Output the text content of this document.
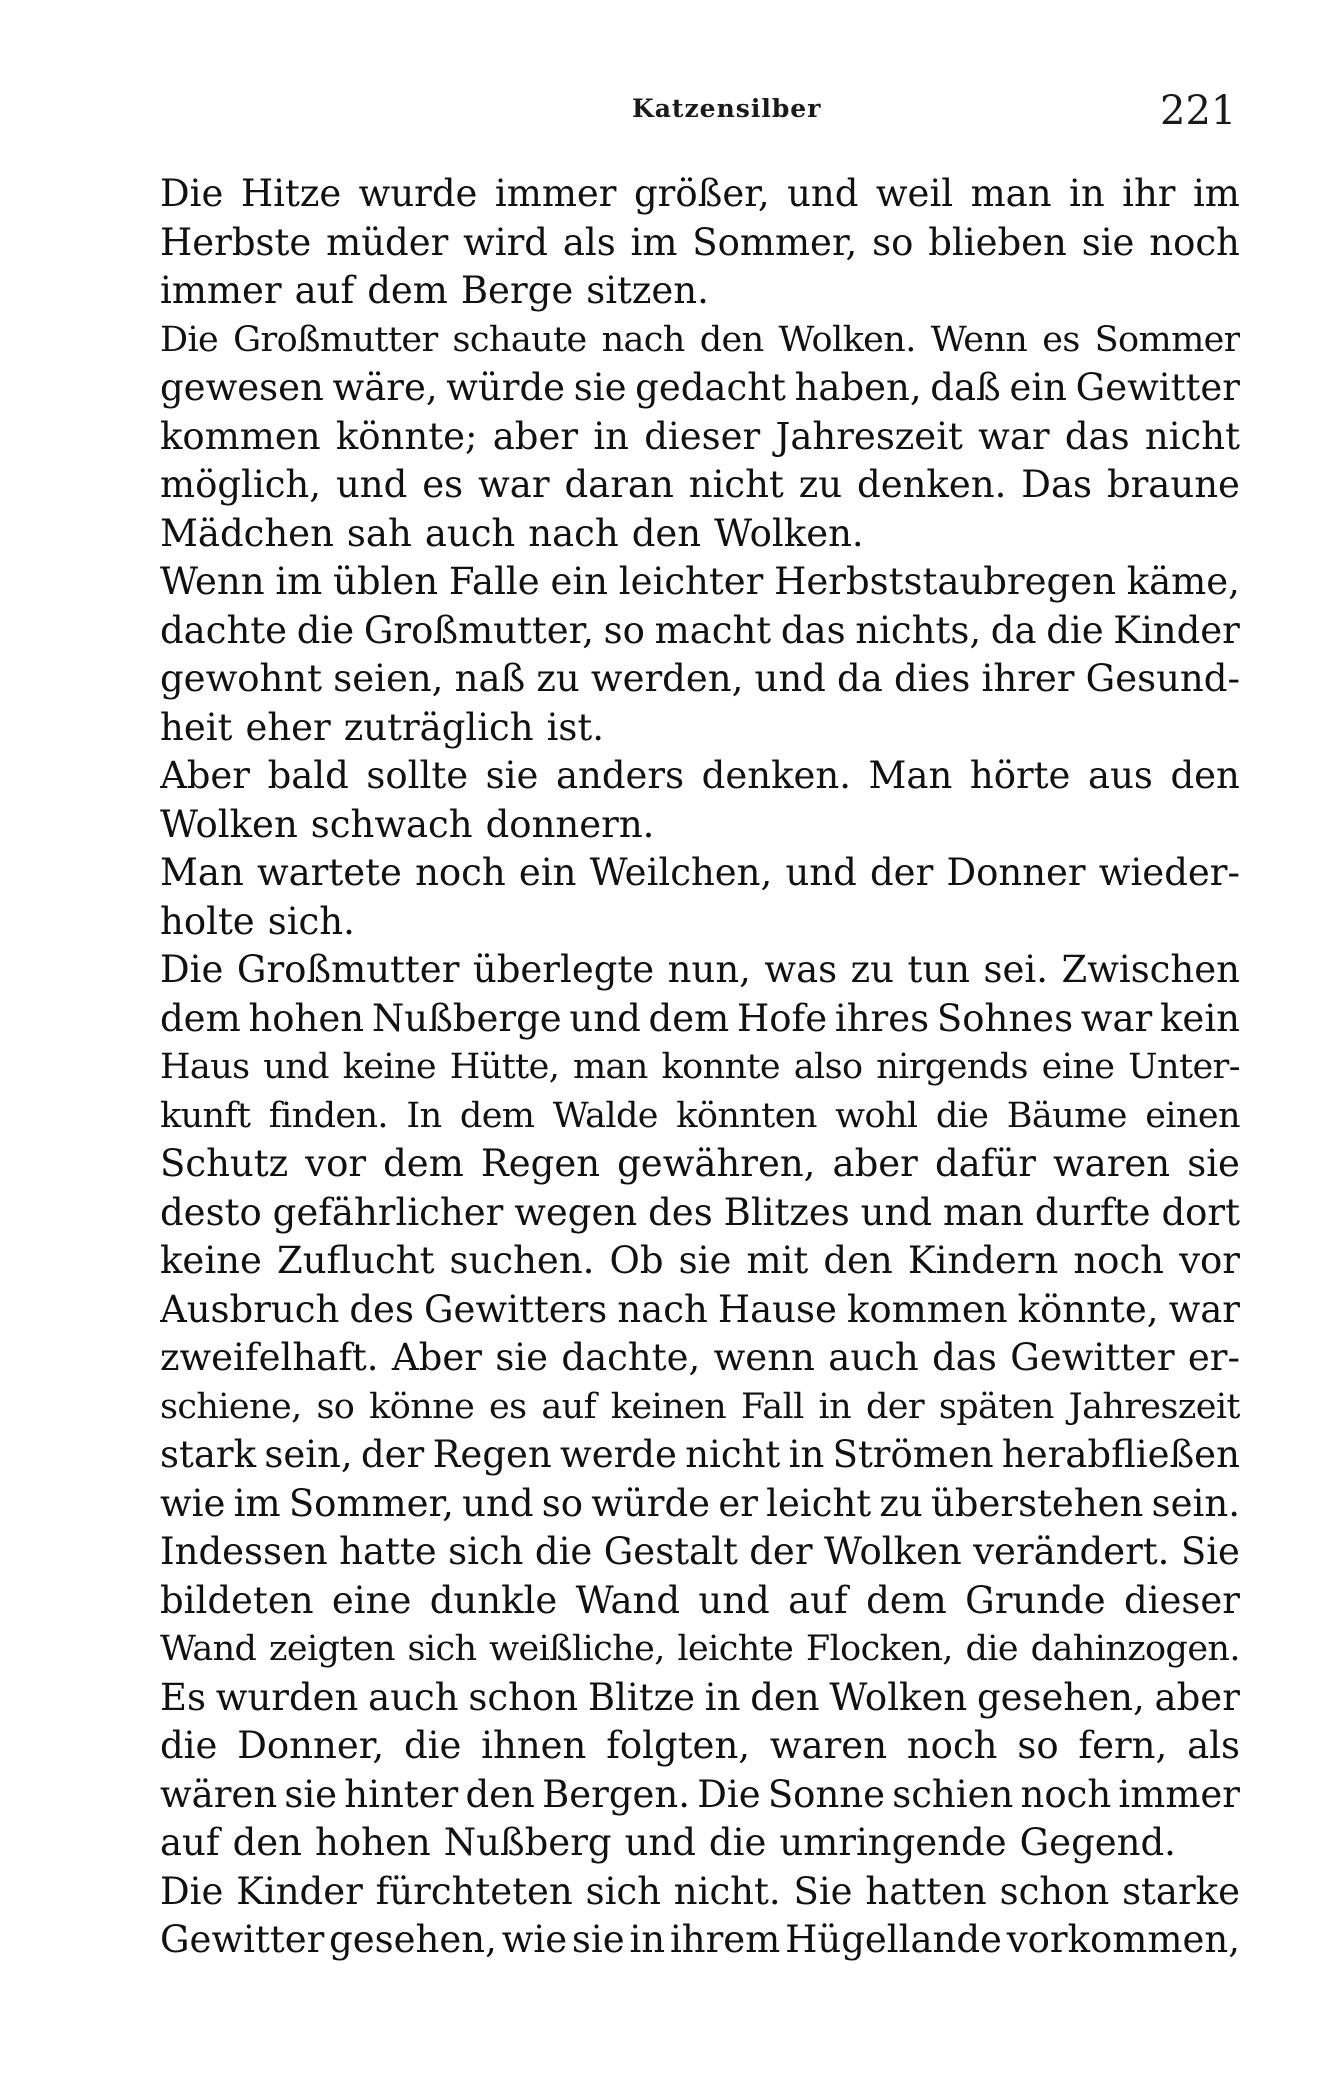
Katzensilber	221
Die Hitze wurde immer größer, und weil man in ihr im
Herbste müder wird als im Sommer, so blieben sie noch
immer auf dem Berge sitzen.
Die Großmutter schaute nach den Wolken. Wenn es Sommer
gewesen wäre, würde sie gedacht haben, daß ein Gewitter
kommen könnte; aber in dieser Jahreszeit war das nicht
möglich, und es war daran nicht zu denken. Das braune
Mädchen sah auch nach den Wolken.
Wenn im üblen Falle ein leichter Herbststaubregen käme,
dachte die Großmutter, so macht das nichts, da die Kinder
gewohnt seien, naß zu werden, und da dies ihrer Gesund-
heit eher zuträglich ist.
Aber bald sollte sie anders denken. Man hörte aus den
Wolken schwach donnern.
Man wartete noch ein Weilchen, und der Donner wieder-
holte sich.
Die Großmutter überlegte nun, was zu tun sei. Zwischen
dem hohen Nußberge und dem Hofe ihres Sohnes war kein
Haus und keine Hütte, man konnte also nirgends eine Unter-
kunft finden. In dem Walde könnten wohl die Bäume einen
Schutz vor dem Regen gewähren, aber dafür waren sie
desto gefährlicher wegen des Blitzes und man durfte dort
keine Zuflucht suchen. Ob sie mit den Kindern noch vor
Ausbruch des Gewitters nach Hause kommen könnte, war
zweifelhaft. Aber sie dachte, wenn auch das Gewitter er-
schiene, so könne es auf keinen Fall in der späten Jahreszeit
stark sein, der Regen werde nicht in Strömen herabfließen
wie im Sommer, und so würde er leicht zu überstehen sein.
Indessen hatte sich die Gestalt der Wolken verändert. Sie
bildeten eine dunkle Wand und auf dem Grunde dieser
Wand zeigten sich weißliche, leichte Flocken, die dahinzogen.
Es wurden auch schon Blitze in den Wolken gesehen, aber
die Donner, die ihnen folgten, waren noch so fern, als
wären sie hinter den Bergen. Die Sonne schien noch immer
auf den hohen Nußberg und die umringende Gegend.
Die Kinder fürchteten sich nicht. Sie hatten schon starke
Gewitter gesehen, wie sie in ihrem Hügellande vorkommen,
